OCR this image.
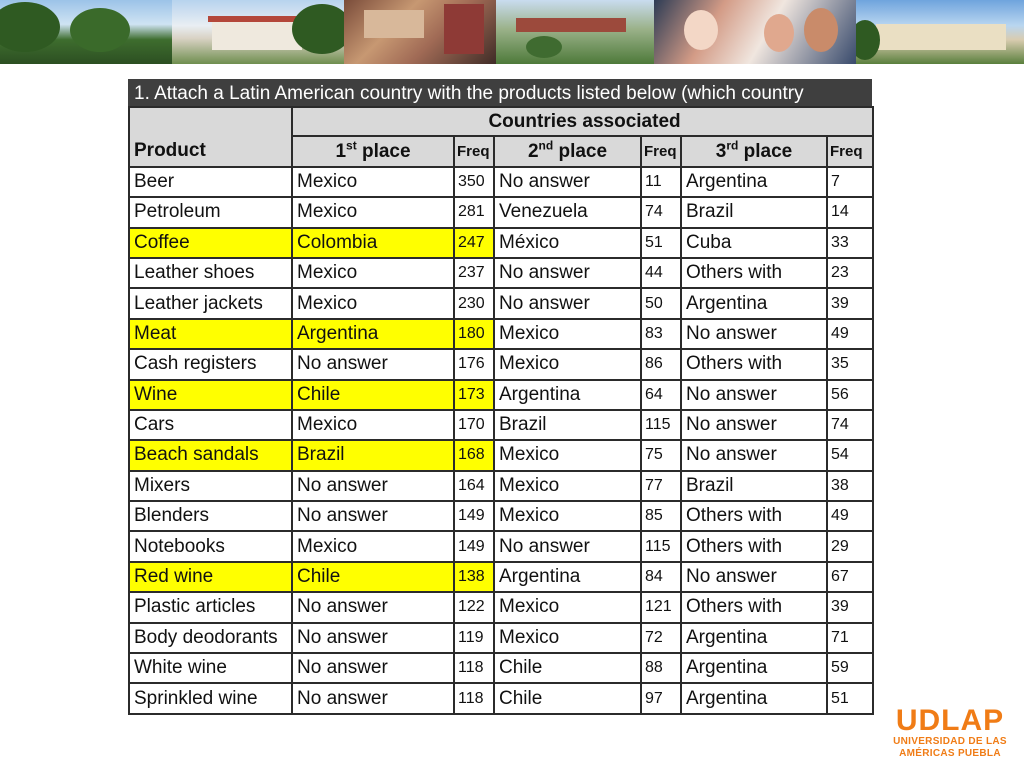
1. Attach a Latin American country with the products listed below (which country
	Countries associated					
Product	1st place	Freq	2nd place	Freq	3rd place	Freq
Beer	Mexico	350	No answer	11	Argentina	7
Petroleum	Mexico	281	Venezuela	74	Brazil	14
Coffee	Colombia	247	México	51	Cuba	33
Leather shoes	Mexico	237	No answer	44	Others with	23
Leather jackets	Mexico	230	No answer	50	Argentina	39
Meat	Argentina	180	Mexico	83	No answer	49
Cash registers	No answer	176	Mexico	86	Others with	35
Wine	Chile	173	Argentina	64	No answer	56
Cars	Mexico	170	Brazil	115	No answer	74
Beach sandals	Brazil	168	Mexico	75	No answer	54
Mixers	No answer	164	Mexico	77	Brazil	38
Blenders	No answer	149	Mexico	85	Others with	49
Notebooks	Mexico	149	No answer	115	Others with	29
Red wine	Chile	138	Argentina	84	No answer	67
Plastic articles	No answer	122	Mexico	121	Others with	39
Body deodorants	No answer	119	Mexico	72	Argentina	71
White wine	No answer	118	Chile	88	Argentina	59
Sprinkled wine	No answer	118	Chile	97	Argentina	51
UDLAP
UNIVERSIDAD DE LAS
AMÉRICAS PUEBLA
